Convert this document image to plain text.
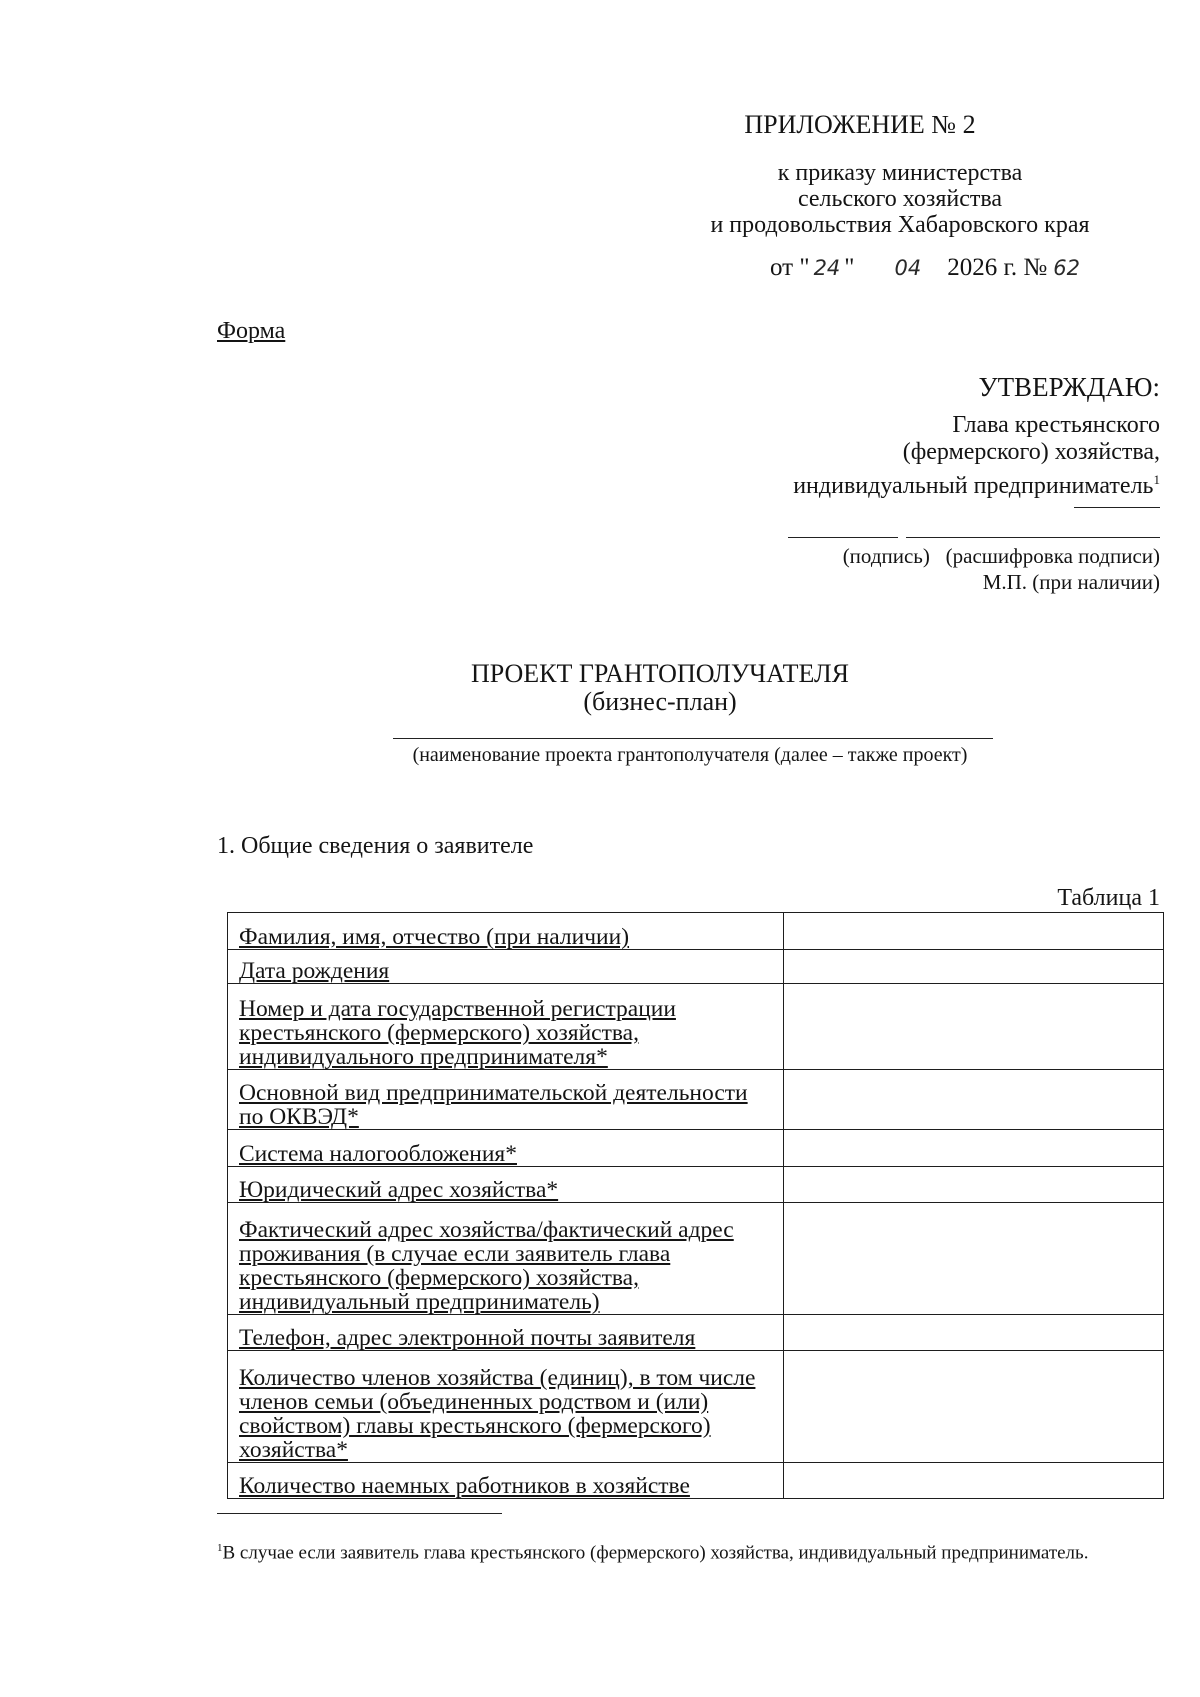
ПРИЛОЖЕНИЕ № 2
к приказу министерства
сельского хозяйства
и продовольствия Хабаровского края
от " 24 " 04 2026 г. № 62
Форма
УТВЕРЖДАЮ:
Глава крестьянского
(фермерского) хозяйства,
индивидуальный предприниматель$^1$
(подпись) (расшифровка подписи)
М.П. (при наличии)
ПРОЕКТ ГРАНТОПОЛУЧАТЕЛЯ
(бизнес-план)
(наименование проекта грантополучателя (далее – также проект)
1. Общие сведения о заявителе
Таблица 1
Фамилия, имя, отчество (при наличии)	
Дата рождения	
Номер и дата государственной регистрации крестьянского (фермерского) хозяйства, индивидуального предпринимателя*	
Основной вид предпринимательской деятельности по ОКВЭД*	
Система налогообложения*	
Юридический адрес хозяйства*	
Фактический адрес хозяйства/фактический адрес проживания (в случае если заявитель глава крестьянского (фермерского) хозяйства, индивидуальный предприниматель)	
Телефон, адрес электронной почты заявителя	
Количество членов хозяйства (единиц), в том числе членов семьи (объединенных родством и (или) свойством) главы крестьянского (фермерского) хозяйства*	
Количество наемных работников в хозяйстве	
$^1$В случае если заявитель глава крестьянского (фермерского) хозяйства, индивидуальный предприниматель.
